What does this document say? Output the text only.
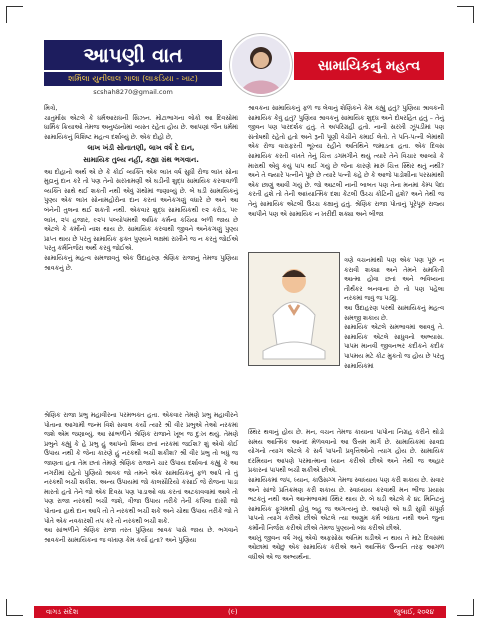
આપણી વાત
શર્મિલા યુનીલાલ ગાલા (લાકડિયા - ખાટ)
scshah8270@gmail.com
સામાયિકનું મહત્વ

મિત્રો,

ચાતુર્માસ એટલે કે ધર્મઆરાધની સિઝન. મોટાભાગના લોકો આ દિવસોમાં ધાર્મિક ક્રિયાઓ તેમજ અનુષ્ઠાનોમાં વ્યસ્ત રહેતા હોય છે. આપણાં જૈન ધર્મમાં સામાયિકનું વિશિષ્ટ મહત્વ દર્શાવ્યું છે. એક દોહો છે,

લાખ ખંડી સોનાતણી, લાખ વર્ષ દે દાન,
સામાયિક તુલ્ય નહીં, કહ્યા ગ્રંથ ભગવાન.

આ દોહાનો અર્થ એ છે કે કોઈ વ્યક્તિ એક લાખ વર્ષ સુધી રોજ લાખ સોના મુદ્રાનું દાન કરે તો પણ તેનો સરખામણી એ ઘડીની શુદ્ધ સામાયિક કરવાવાળી વ્યક્તિ સાથે થઈ શકતી નથી એવું ગ્રંથોમાં જણાવ્યું છે. બે ઘડી સામાયિકનું પુણ્ય એક લાખ સોનામહોરોના દાન કરતાં અનેકગણું વધારે છે અને આ બંનેની તુલના થઈ શકતી નથી. એકવાર શુદ્ધ સામાયિકથી ૯૨ કરોડ, ૫૯ લાખ, ૨૫ હજાર, ૯૨૫ પલ્યોપમથી અધિક કર્મના કચિયા બળી જાય છે એટલે કે કર્મોનો નાશ થાય છે. સામાયિક કરવાથી જીવને અનેકગણું પુણ્ય પ્રાપ્ત થાય છે પરંતુ સામાયિક ફક્ત પુણ્યને લક્ષમાં રાખીને જ ન કરતું જોઈએ પરંતુ કર્મનિર્જરા અર્થે કરવું જોઈએ.

સામાયિકનું મહત્વ સમજાવતું એક ઉદાહરણ શ્રેણિક રાજાનું તેમજ પુણિયા શ્રાવકનું છે.

શ્રેણિક રાજા પ્રભુ મહાવીરના પરમભક્ત હતા. એકવાર તેમણે પ્રભુ મહાવીરને પોતાના આગામી જન્મ વિશે સવાલ કર્યો ત્યારે શ્રી વીર પ્રભુએ તેઓ નરકમાં જશે એમ જણાવ્યું. આ સાંભળીને શ્રેણિક રાજાને ખૂબ જ દુઃખ થયું. તેમણે પ્રભુને કહ્યું કે હે પ્રભુ હું આપનો શિષ્ય છતાં નરકમાં જઈશ? શું એવો કોઈ ઉપાય નથી કે જેના કારણે હું નરકથી બચી શકીશ? શ્રી વીર પ્રભુ તો બધું જ જાણતા હતા તેમ છતાં તેમણે શ્રેણિક રાજાને ચાર ઉપાય દર્શાવતાં કહ્યું કે આ નગરીમાં રહેતો પુણિયો શ્રાવક જો તમને એક સામાયિકનું ફળ આપે તો તું નરકથી બચી શકીશ. અન્ય ઉપાયમાં જો કાલસૌરિયો કસાઈ જે રોજના પાડા મારતો હતો તેને જો એક દિવસ પણ પાડાઓ વધ કરતાં અટકાવવામાં આવે તો પણ રાજા નરકથી બચી જશે, ત્રીજા ઉપાય તરીકે તેની કપિલા દાસી જો પોતાના હાથે દાન આપે તો તે નરકથી બચી શકે અને ચોથા ઉપાય તરીકે જો તે પોતે એક નવકારશી તપ કરે તો નરકથી બચી શકે.

આ સાંભળીને શ્રેણિક રાજા તરત પુણિયા શ્રાવક પાસે જાય છે. ભગવાને શ્રાવકની સામાયિકના જ વખાણ કેમ કર્યા હતા? અને પુણિયા

શ્રાવકના સામાયિકનું ફળ જ લેવાનું શેણિકને કેમ કહ્યું હતું? પુણિયા શ્રાવકની સામાયિક કેવું હતું? પુણિયા શ્રાવકનું સામાયિક શુદ્ધ અને દોષરહિત હતું – તેનું જીવન પણ પારદર્શક હતું. તે અપરિગ્રહી હતો. નાની સરખી ઝૂંપડીમાં પણ સંતોષથી રહેતો હતો અને રૂની પૂણી વેચીને કમાઈ લેતો. તે પતિ-પત્ની બેમાંથી એક રોજ વારાફરતી ભૂખ્યા રહીને અતિથિને જમાડતા હતા. એક દિવસ સામાયિક કરતી વખતે તેનું ચિત્ત ડગમગીને થયું ત્યારે તેને વિચાર આવ્યો કે મારાથી એવું કયું પાપ થઈ ગયું છે જેના કારણે મારું ચિત્ત સ્થિર થતું નથી? અને તે જ્યારે પત્નીને પૂછે છે ત્યારે પત્ની કહે છે કે આજે પાડોશીના પરસમાંથી એક છાણું આવી ગયું છે. જો આટલી નાની બાબત પણ તેના મનમાં કેમ્પ પેદા કરતી હશે તો તેની આધ્યાત્મિક દશા કેટલી ઉચ્ચ કોટિની હશે? અને તેથી જ તેનું સામાયિક એટલી ઉચ્ચ કક્ષાનું હતું. શ્રેણિક રાજા પોતાનું પૂરેપૂરું રાજ્ય આપીને પણ એ સામાયિક ન ખરીદી શક્યા અને બીજા

ત્રણે વચનમાંથી પણ એક પણ પૂરું ન કરાવી શક્યા અને તેમને સમકિતી આત્મા હોવા છતાં અને ભવિષ્યના તીર્થંકર બનવાના છે તો પણ પહેલા નરકમાં જવું જ પડ્યું.

આ ઉદાહરણ પરથી સામાયિકનું મહત્વ સમજી શકાય છે.

સામાયિક એટલે સમભાવમાં આવવું તે. સામાયિક એટલે સાધુવનો અભ્યાસ. પાપમ માનવી જીવનભર કદીકને કદીક પાપમય મટે કોટ મુકતો જ હોય છે પરંતુ સામાયિકમાં

સ્થિર થવાનું હોય છે. મન, વચન તેમજ કાયાના પાપોના નિગ્રહ કરીને થોડો સમય આત્મિક આનંદ મેળવવાનો આ ઉત્તમ માર્ગ છે. સામાયિકમાં સાવદ્ય યોગનો ત્યાગ એટલે કે સર્વ પાપની પ્રવૃત્તિઓનો ત્યાગ હોય છે. સામાયિક દરમિયાન આપણે પરમાત્માના ધ્યાન કરીએ છીએ અને તેથી જ અહાર પ્રકારનાં પાપથી બચી શકીએ છીએ.

સામાયિકમાં જપ, ધ્યાન, કાઉસગ્ગ તેમજ સ્વાધ્યાય પણ કરી શકાય છે. સવાર અને સાંજે પ્રતિક્રમણ કરી શકાય છે. સ્વાધ્યાય કરવાથી મન ભીંજ પ્રયાસ ભટકતું નથી અને આત્મભાવમાં સ્થિર થાય છે. બે ઘડી એટલે કે ૪૮ મિનિટનું સામાયિક ફૂગમથી હોવું બહુ જ અગત્યનું છે. આપણે એ ઘડી સુધી સંપૂર્ણ પાપનો ત્યાગ કરીએ છીએ એટલે ત્યા અણુમ કર્મ બાંધતા નથી અને જુના કર્મોની નિર્જરા કરીએ છીએ તેમજ પુણ્યનો બંધ કરીએ છીએ.

આખું જીવન વર્ષ ગયું એવો અફસોસ અંતિમ ઘડીએ ન થાય તે માટે દિવસમાં ઓછામાં ઓછું એક સામાયિક કરીએ અને આત્મિક ઉન્નતિ તરફ આગળ વધીએ એ જ અભ્યર્થના.

વાગડ સંદેશ	(૯)	જુલાઈ, ૨૦૨૪
